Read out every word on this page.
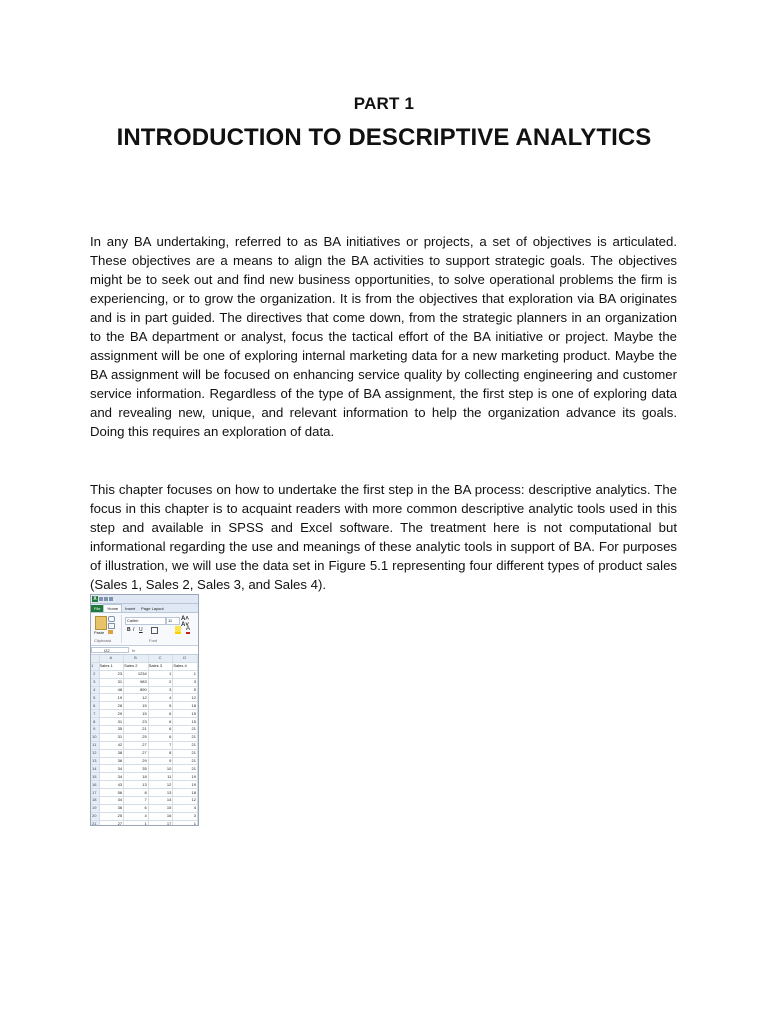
PART 1
INTRODUCTION TO DESCRIPTIVE ANALYTICS

In any BA undertaking, referred to as BA initiatives or projects, a set of objectives is articulated. These objectives are a means to align the BA activities to support strategic goals. The objectives might be to seek out and find new business opportunities, to solve operational problems the firm is experiencing, or to grow the organization. It is from the objectives that exploration via BA originates and is in part guided. The directives that come down, from the strategic planners in an organization to the BA department or analyst, focus the tactical effort of the BA initiative or project. Maybe the assignment will be one of exploring internal marketing data for a new marketing product. Maybe the BA assignment will be focused on enhancing service quality by collecting engineering and customer service information. Regardless of the type of BA assignment, the first step is one of exploring data and revealing new, unique, and relevant information to help the organization advance its goals. Doing this requires an exploration of data.

This chapter focuses on how to undertake the first step in the BA process: descriptive analytics. The focus in this chapter is to acquaint readers with more common descriptive analytic tools used in this step and available in SPSS and Excel software. The treatment here is not computational but informational regarding the use and meanings of these analytic tools in support of BA. For purposes of illustration, we will use the data set in Figure 5.1 representing four different types of product sales (Sales 1, Sales 2, Sales 3, and Sales 4).

X
File	Home	Insert	Page Layout
Paste
Calibri	11	A˄ A˅
B I U	A
Clipboard	Font
I22	fx
	A	B	C	D
1	Sales 1	Sales 2	Sales 3	Sales 4
2	23	1234	1	1
3	31	983	2	3
4	48	890	3	5
5	19	12	4	12
6	28	15	5	18
7	29	15	6	15
8	31	23	6	15
9	35	21	6	21
10	31	25	6	21
11	42	27	7	21
12	38	27	8	21
13	36	29	9	21
14	34	35	10	21
15	34	18	11	19
16	43	13	12	19
17	56	8	13	18
18	34	7	14	12
19	36	6	15	4
20	25	4	16	3
21	27	1	17	1
